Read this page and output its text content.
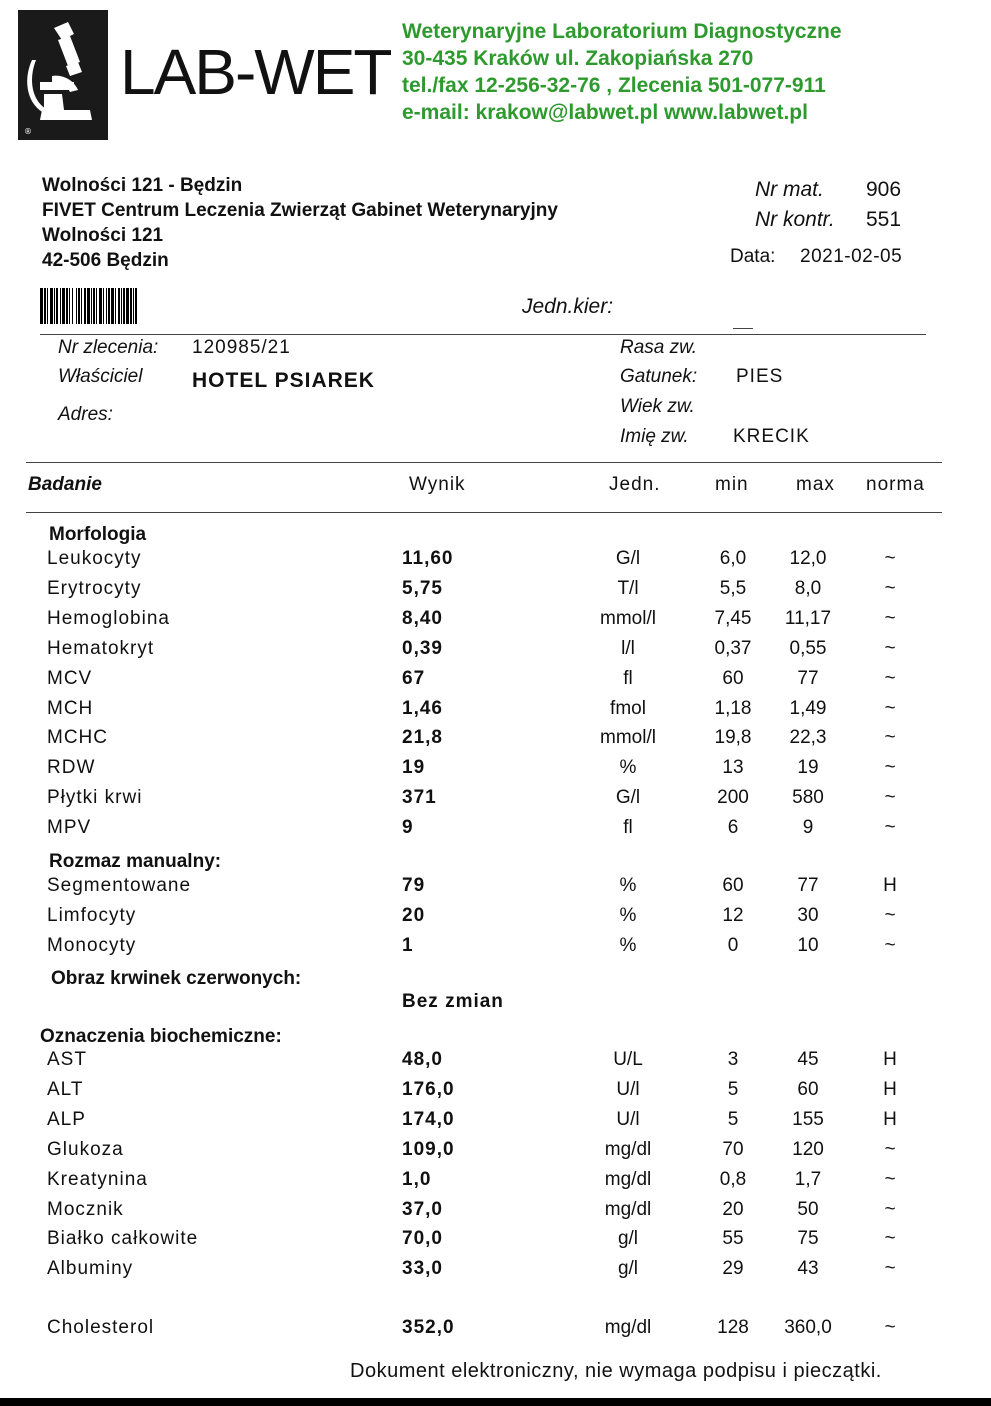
®
LAB-WET
Weterynaryjne Laboratorium Diagnostyczne
30-435 Kraków ul. Zakopiańska 270
tel./fax 12-256-32-76 , Zlecenia 501-077-911
e-mail: krakow@labwet.pl www.labwet.pl
Wolności 121 - Będzin
FIVET Centrum Leczenia Zwierząt Gabinet Weterynaryjny
Wolności 121
42-506 Będzin
Nr mat. 906
Nr kontr. 551
Data: 2021-02-05
Jedn.kier:
Nr zlecenia: 120985/21
Właściciel HOTEL PSIAREK
Adres:
Rasa zw.
Gatunek: PIES
Wiek zw.
Imię zw. KRECIK
Badanie	Wynik	Jedn.	min max norma
Morfologia
Leukocyty	11,60	G/l	6,0	12,0	~
Erytrocyty	5,75	T/l	5,5	8,0	~
Hemoglobina	8,40	mmol/l	7,45	11,17	~
Hematokryt	0,39	l/l	0,37	0,55	~
MCV	67	fl	60	77	~
MCH	1,46	fmol	1,18	1,49	~
MCHC	21,8	mmol/l	19,8	22,3	~
RDW	19	%	13	19	~
Płytki krwi	371	G/l	200	580	~
MPV	9	fl	6	9	~
Rozmaz manualny:
Segmentowane	79	%	60	77	H
Limfocyty	20	%	12	30	~
Monocyty	1	%	0	10	~
Obraz krwinek czerwonych:
Bez zmian
Oznaczenia biochemiczne:
AST	48,0	U/L	3	45	H
ALT	176,0	U/l	5	60	H
ALP	174,0	U/l	5	155	H
Glukoza	109,0	mg/dl	70	120	~
Kreatynina	1,0	mg/dl	0,8	1,7	~
Mocznik	37,0	mg/dl	20	50	~
Białko całkowite	70,0	g/l	55	75	~
Albuminy	33,0	g/l	29	43	~
Cholesterol	352,0	mg/dl	128	360,0	~
Dokument elektroniczny, nie wymaga podpisu i pieczątki.
